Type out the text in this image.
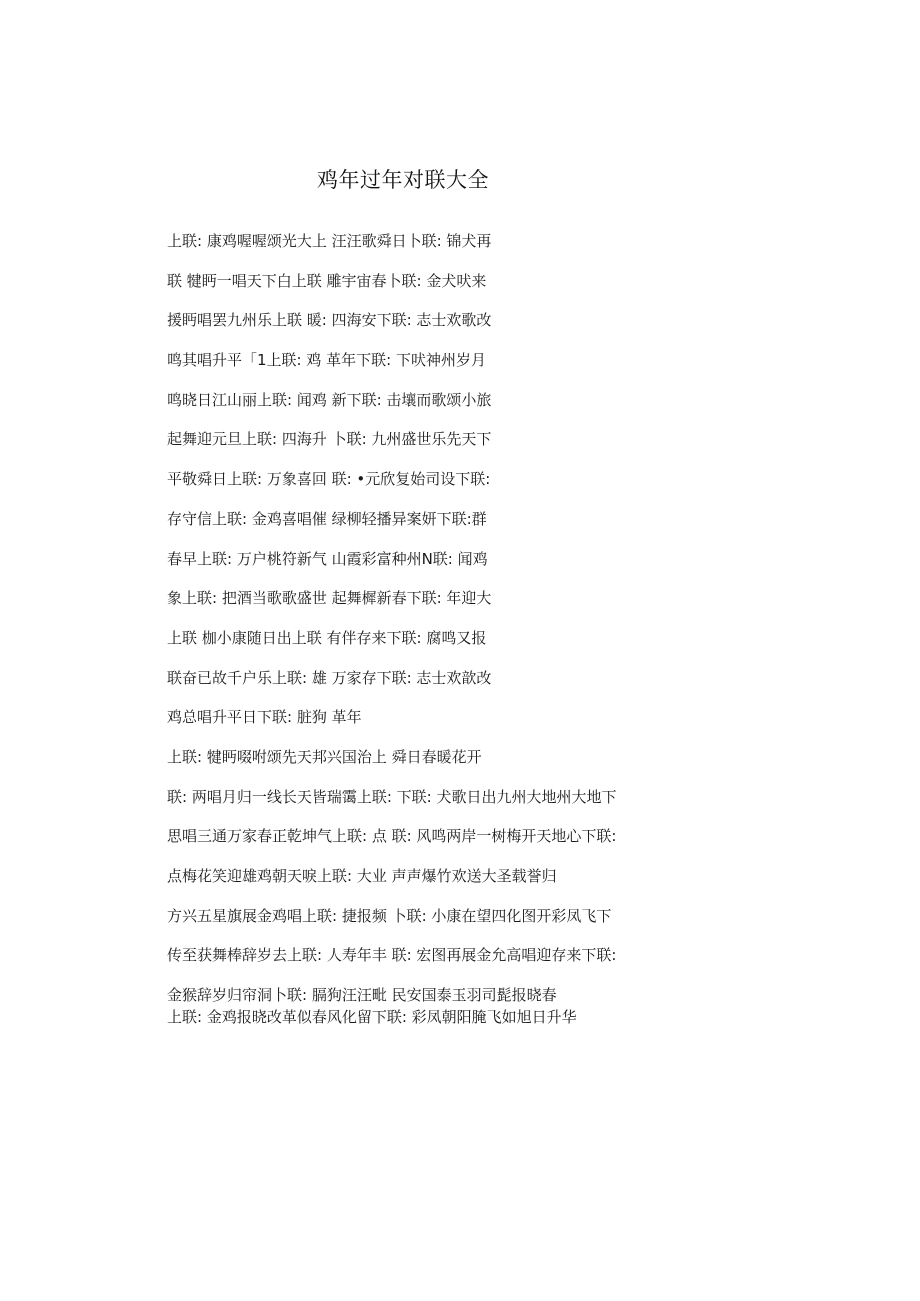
鸡年过年对联大全
上联: 康鸡喔喔颂光大上 汪汪歌舜日卜联: 锦犬再
联 犍眄一唱天下白上联 雕宇宙春卜联: 金犬吠来
援眄唱罢九州乐上联 暖: 四海安下联: 志士欢歌改
鸣其唱升平「1上联: 鸡 革年下联: 下吠神州岁月
鸣晓日江山丽上联: 闻鸡 新下联: 击壤而歌颂小旅
起舞迎元旦上联: 四海升 卜联: 九州盛世乐先天下
平敬舜日上联: 万象喜回 联: •元欣复始司设下联:
存守信上联: 金鸡喜唱催 绿柳轻播异案妍下联:群
春早上联: 万户桃符新气 山霞彩富种州N联: 闻鸡
象上联: 把酒当歌歌盛世 起舞樨新春下联: 年迎大
上联 枷小康随日出上联 有伴存来下联: 腐鸣又报
联奋已故千户乐上联: 雄 万家存下联: 志士欢歆改
鸡总唱升平日下联: 脏狗 革年
上联: 犍眄啜咐颂先天邦兴国治上 舜日春暖花开
联: 两唱月归一线长天皆瑞霭上联: 下联: 犬歌日出九州大地州大地下
思唱三通万家春正乾坤气上联: 点 联: 风鸣两岸一树梅开天地心下联:
点梅花笑迎雄鸡朝天唳上联: 大业 声声爆竹欢送大圣载誉归
方兴五星旗展金鸡唱上联: 捷报频 卜联: 小康在望四化图开彩凤飞下
传至获舞棒辞岁去上联: 人寿年丰 联: 宏图再展金允高唱迎存来下联:
金猴辞岁归帘洞卜联: 膈狗汪汪毗 民安国泰玉羽司髭报晓春
上联: 金鸡报晓改革似春风化留下联: 彩凤朝阳腌飞如旭日升华
